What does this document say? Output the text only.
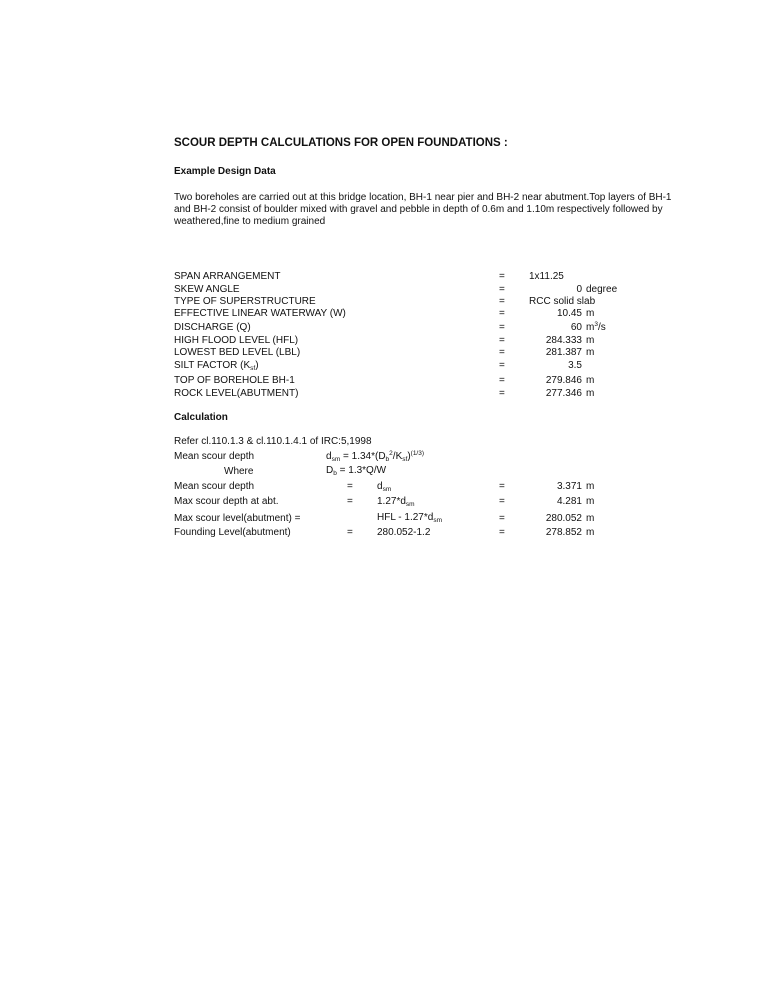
SCOUR DEPTH CALCULATIONS FOR OPEN FOUNDATIONS :
Example Design Data
Two boreholes are carried out at this bridge location, BH-1 near pier and BH-2 near abutment.Top layers of BH-1
and BH-2 consist of boulder mixed with gravel and pebble in depth of 0.6m and 1.10m respectively followed by
weathered,fine to medium grained
SPAN ARRANGEMENT	= 1x11.25
SKEW ANGLE	=	0 degree
TYPE OF SUPERSTRUCTURE	= RCC solid slab
EFFECTIVE LINEAR WATERWAY (W)	=	10.45 m
DISCHARGE (Q)	=	60 $m^3/s$
HIGH FLOOD LEVEL (HFL)	=	284.333 m
LOWEST BED LEVEL (LBL)	=	281.387 m
SILT FACTOR $(K_{sf})$	=	3.5
TOP OF BOREHOLE BH-1	=	279.846 m
ROCK LEVEL(ABUTMENT)	=	277.346 m
Calculation
Refer cl.110.1.3 & cl.110.1.4.1 of IRC:5,1998
Mean scour depth	$d_{sm} = 1.34*(D_b^2/K_{sf})^{(1/3)}$
Where	$D_b = 1.3*Q/W$
Mean scour depth	= $d_{sm}$	=	3.371 m
Max scour depth at abt.	= $1.27*d_{sm}$	=	4.281 m
Max scour level(abutment) =	HFL - $1.27*d_{sm}$	=	280.052 m
Founding Level(abutment)	= 280.052-1.2	=	278.852 m
